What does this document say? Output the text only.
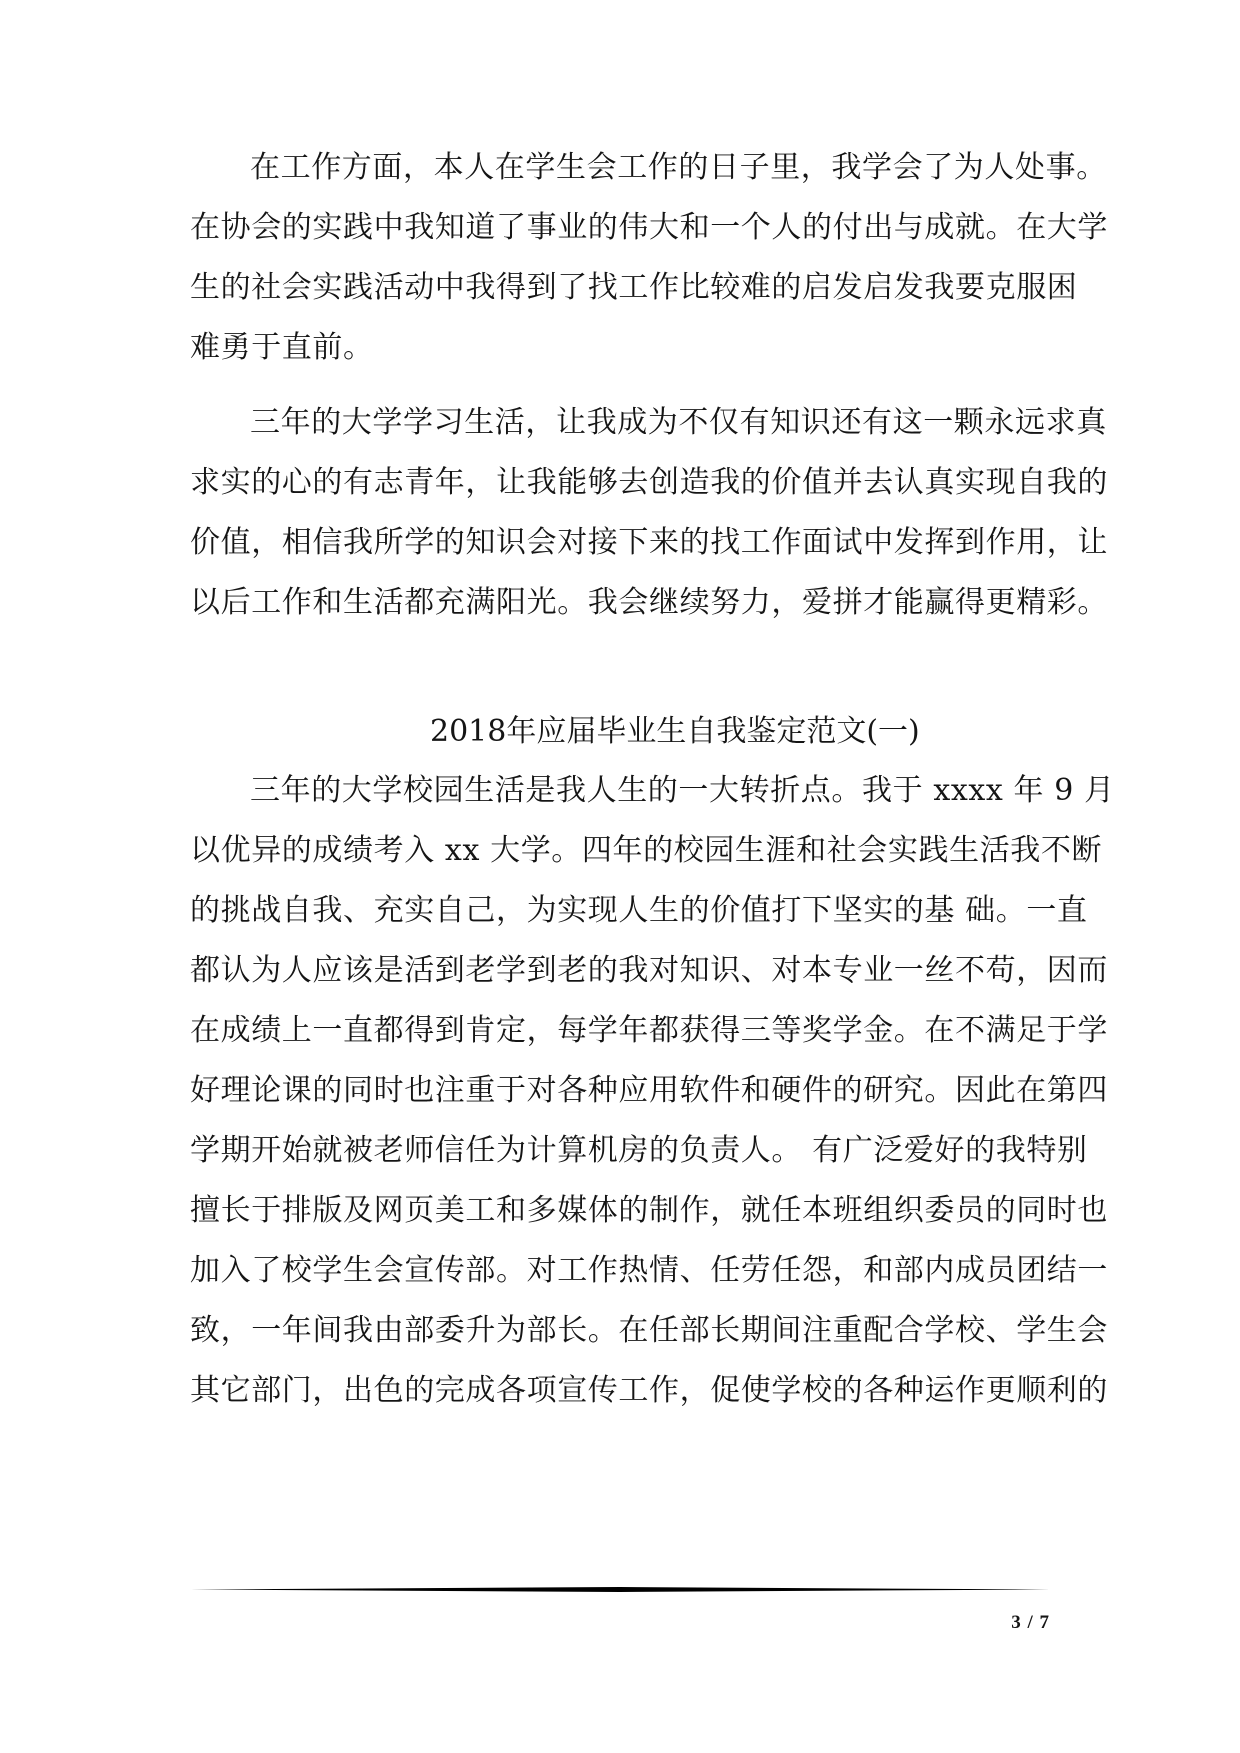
在工作方面，本人在学生会工作的日子里，我学会了为人处事。
在协会的实践中我知道了事业的伟大和一个人的付出与成就。在大学
生的社会实践活动中我得到了找工作比较难的启发启发我要克服困
难勇于直前。
三年的大学学习生活，让我成为不仅有知识还有这一颗永远求真
求实的心的有志青年，让我能够去创造我的价值并去认真实现自我的
价值，相信我所学的知识会对接下来的找工作面试中发挥到作用，让
以后工作和生活都充满阳光。我会继续努力，爱拼才能赢得更精彩。
2018年应届毕业生自我鉴定范文(一)
三年的大学校园生活是我人生的一大转折点。我于 xxxx 年 9 月
以优异的成绩考入 xx 大学。四年的校园生涯和社会实践生活我不断
的挑战自我、充实自己，为实现人生的价值打下坚实的基 础。一直
都认为人应该是活到老学到老的我对知识、对本专业一丝不苟，因而
在成绩上一直都得到肯定，每学年都获得三等奖学金。在不满足于学
好理论课的同时也注重于对各种应用软件和硬件的研究。因此在第四
学期开始就被老师信任为计算机房的负责人。 有广泛爱好的我特别
擅长于排版及网页美工和多媒体的制作，就任本班组织委员的同时也
加入了校学生会宣传部。对工作热情、任劳任怨，和部内成员团结一
致，一年间我由部委升为部长。在任部长期间注重配合学校、学生会
其它部门，出色的完成各项宣传工作，促使学校的各种运作更顺利的
3 / 7
